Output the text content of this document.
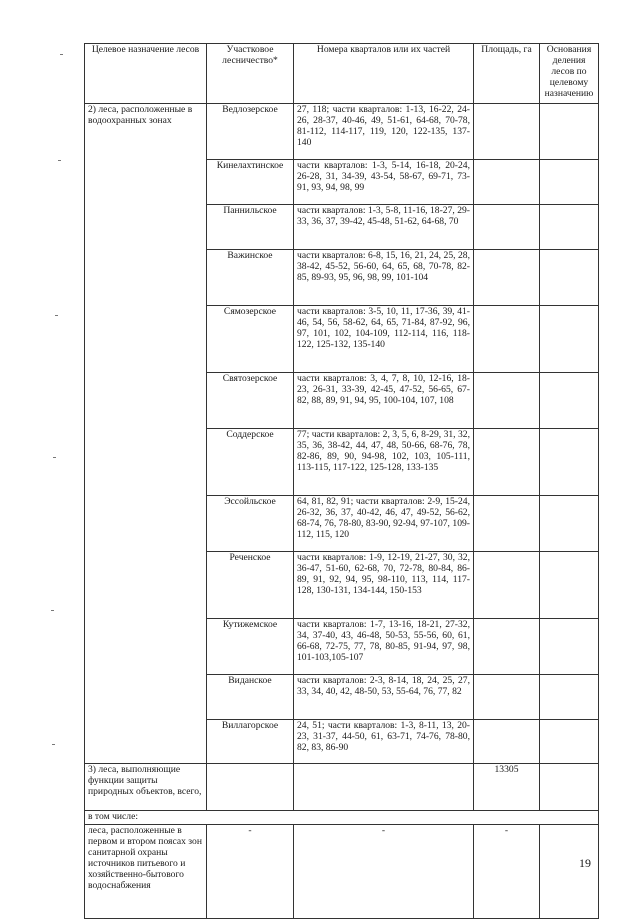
Целевое назначение лесов	Участковое лесничество*	Номера кварталов или их частей	Площадь, га	Основания деления лесов по целевому назначению
2) леса, расположенные в водоохранных зонах	Ведлозерское	27, 118; части кварталов: 1-13, 16-22, 24-26, 28-37, 40-46, 49, 51-61, 64-68, 70-78, 81-112, 114-117, 119, 120, 122-135, 137-140		
	Кинелахтинское	части кварталов: 1-3, 5-14, 16-18, 20-24, 26-28, 31, 34-39, 43-54, 58-67, 69-71, 73-91, 93, 94, 98, 99		
	Паннильское	части кварталов: 1-3, 5-8, 11-16, 18-27, 29-33, 36, 37, 39-42, 45-48, 51-62, 64-68, 70		
	Важинское	части кварталов: 6-8, 15, 16, 21, 24, 25, 28, 38-42, 45-52, 56-60, 64, 65, 68, 70-78, 82-85, 89-93, 95, 96, 98, 99, 101-104		
	Сямозерское	части кварталов: 3-5, 10, 11, 17-36, 39, 41-46, 54, 56, 58-62, 64, 65, 71-84, 87-92, 96, 97, 101, 102, 104-109, 112-114, 116, 118-122, 125-132, 135-140		
	Святозерское	части кварталов: 3, 4, 7, 8, 10, 12-16, 18-23, 26-31, 33-39, 42-45, 47-52, 56-65, 67-82, 88, 89, 91, 94, 95, 100-104, 107, 108		
	Соддерское	77; части кварталов: 2, 3, 5, 6, 8-29, 31, 32, 35, 36, 38-42, 44, 47, 48, 50-66, 68-76, 78, 82-86, 89, 90, 94-98, 102, 103, 105-111, 113-115, 117-122, 125-128, 133-135		
	Эссойльское	64, 81, 82, 91; части кварталов: 2-9, 15-24, 26-32, 36, 37, 40-42, 46, 47, 49-52, 56-62, 68-74, 76, 78-80, 83-90, 92-94, 97-107, 109-112, 115, 120		
	Реченское	части кварталов: 1-9, 12-19, 21-27, 30, 32, 36-47, 51-60, 62-68, 70, 72-78, 80-84, 86-89, 91, 92, 94, 95, 98-110, 113, 114, 117-128, 130-131, 134-144, 150-153		
	Кутижемское	части кварталов: 1-7, 13-16, 18-21, 27-32, 34, 37-40, 43, 46-48, 50-53, 55-56, 60, 61, 66-68, 72-75, 77, 78, 80-85, 91-94, 97, 98, 101-103,105-107		
	Виданское	части кварталов: 2-3, 8-14, 18, 24, 25, 27, 33, 34, 40, 42, 48-50, 53, 55-64, 76, 77, 82		
	Виллагорское	24, 51; части кварталов: 1-3, 8-11, 13, 20-23, 31-37, 44-50, 61, 63-71, 74-76, 78-80, 82, 83, 86-90		
3) леса, выполняющие функции защиты природных объектов, всего,			13305	
в том числе:				
леса, расположенные в первом и втором поясах зон санитарной охраны источников питьевого и хозяйственно-бытового водоснабжения	-	-	-	
19
